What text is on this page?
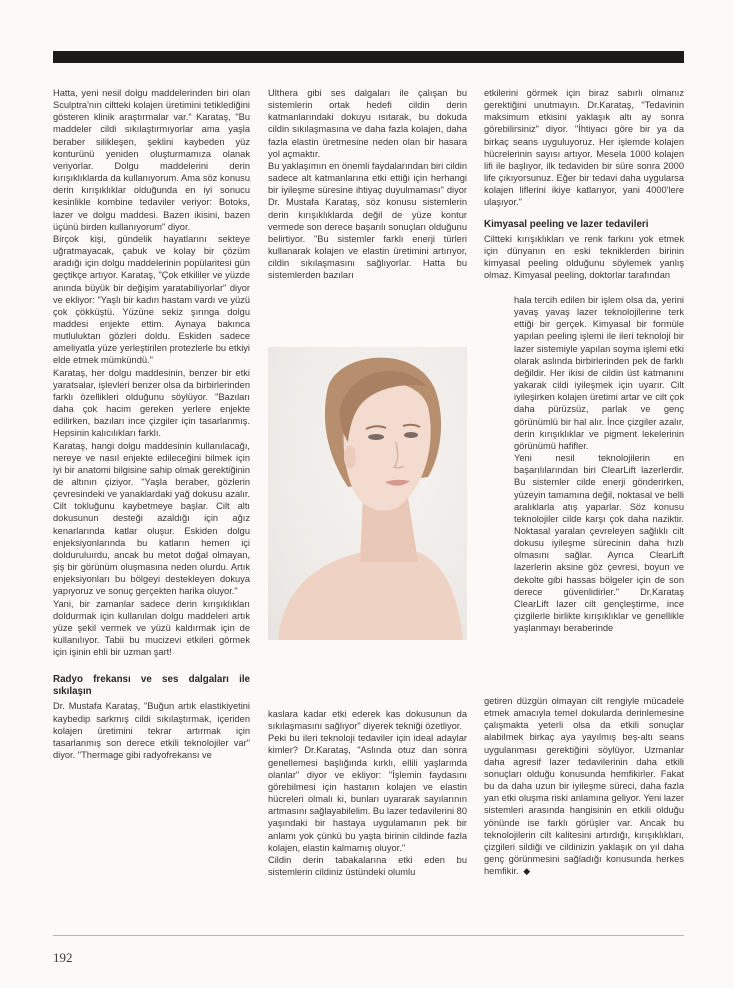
Hatta, yeni nesil dolgu maddelerinden biri olan Sculptra'nın ciltteki kolajen üretimini tetiklediğini gösteren klinik araştırmalar var.” Karataş, "Bu maddeler cildi sıkılaştırmıyorlar ama yaşla beraber silikleşen, şeklini kaybeden yüz konturünü yeniden oluşturmamıza olanak veriyorlar. Dolgu maddelerini derin kırışıklıklarda da kullanıyorum. Ama söz konusu derin kırışıklıklar olduğunda en iyi sonucu kesinlikle kombine tedaviler veriyor: Botoks, lazer ve dolgu maddesi. Bazen ikisini, bazen üçünü birden kullanıyorum" diyor.

Birçok kişi, gündelik hayatlarını sekteye uğratmayacak, çabuk ve kolay bir çözüm aradığı için dolgu maddelerinin popülaritesi gün geçtikçe artıyor. Karataş, "Çok etkililer ve yüzde anında büyük bir değişim yaratabiliyorlar" diyor ve ekliyor: "Yaşlı bir kadın hastam vardı ve yüzü çok çökküştü. Yüzüne sekiz şırınga dolgu maddesi enjekte ettim. Aynaya bakınca mutluluktan gözleri doldu. Eskiden sadece ameliyatla yüze yerleştirilen protezlerle bu etkiyi elde etmek mümkündü."

Karataş, her dolgu maddesinin, benzer bir etki yaratsalar, işlevleri benzer olsa da birbirlerinden farklı özellikleri olduğunu söylüyor. "Bazıları daha çok hacim gereken yerlere enjekte edilirken, bazıları ince çizgiler için tasarlanmış. Hepsinin kalıcılıkları farklı.

Karataş, hangi dolgu maddesinin kullanılacağı, nereye ve nasıl enjekte edileceğini bilmek için iyi bir anatomi bilgisine sahip olmak gerektiğinin de altının çiziyor. "Yaşla beraber, gözlerin çevresindeki ve yanaklardaki yağ dokusu azalır. Cilt tokluğunu kaybetmeye başlar. Cilt altı dokusunun desteği azaldığı için ağız kenarlarında katlar oluşur. Eskiden dolgu enjeksiyonlarında bu katların hemen içi dolduruluırdu, ancak bu metot doğal olmayan, şiş bir görünüm oluşmasına neden olurdu. Artık enjeksiyonları bu bölgeyi destekleyen dokuya yapıyoruz ve sonuç gerçekten harika oluyor."

Yani, bir zamanlar sadece derin kırışıklıkları doldurmak için kullanılan dolgu maddeleri artık yüze şekil vermek ve yüzü kaldırmak için de kullanılıyor. Tabii bu mucizevi etkileri görmek için işinin ehli bir uzman şart!

Radyo frekansı ve ses dalgaları ile sıkılaşın

Dr. Mustafa Karataş, "Buğun artık elastikiyetini kaybedip sarkmış cildi sıkılaştırmak, içeriden kolajen üretimini tekrar artırmak için tasarlanmış son derece etkili teknolojiler var" diyor. "Thermage gibi radyofrekansı ve

Ulthera gibi ses dalgaları ile çalışan bu sistemlerin ortak hedefi cildin derin katmanlarındaki dokuyu ısıtarak, bu dokuda cildin sıkılaşmasına ve daha fazla kolajen, daha fazla elastin üretmesine neden olan bir hasara yol açmaktır.

Bu yaklaşımın en önemli faydalarından biri cildin sadece alt katmanlarına etki ettiği için herhangi bir iyileşme süresine ihtiyaç duyulmaması" diyor Dr. Mustafa Karataş, söz konusu sistemlerin derin kırışıklıklarda değil de yüze kontur vermede son derece başarılı sonuçları olduğunu belirtiyor. "Bu sistemler farklı enerji türleri kullanarak kolajen ve elastin üretimini artırıyor, cildin sıkılaşmasını sağlıyorlar. Hatta bu sistemlerden bazıları

kaslara kadar etki ederek kas dokusunun da sıkılaşmasını sağlıyor" diyerek tekniği özetliyor.

Peki bu ileri teknoloji tedaviler için ideal adaylar kimler? Dr.Karataş, "Aslında otuz dan sonra genellemesi başlığında kırklı, ellili yaşlarında olanlar" diyor ve ekliyor: "İşlemin faydasını görebilmesi için hastanın kolajen ve elastin hücreleri olmalı ki, bunları uyararak sayılarının artmasını sağlayabilelim. Bu lazer tedavilerini 80 yaşındaki bir hastaya uygulamanın pek bir anlamı yok çünkü bu yaşta birinin cildinde fazla kolajen, elastin kalmamış oluyor."

Cildin derin tabakalarına etki eden bu sistemlerin cildiniz üstündeki olumlu

etkilerini görmek için biraz sabırlı olmanız gerektiğini unutmayın. Dr.Karataş, "Tedavinin maksimum etkisini yaklaşık altı ay sonra görebilirsiniz" diyor. "İhtiyacı göre bir ya da birkaç seans uyguluyoruz. Her işlemde kolajen hücrelerinin sayısı artıyor. Mesela 1000 kolajen lifi ile başlıyor, ilk tedaviden bir süre sonra 2000 life çıkıyorsunuz. Eğer bir tedavi daha uygularsa kolajen liflerini ikiye katlarıyor, yani 4000'lere ulaşıyor."

Kimyasal peeling ve lazer tedavileri

Ciltteki kırışıklıkları ve renk farkını yok etmek için dünyanın en eski tekniklerden birinin kimyasal peeling olduğunu söylemek yanlış olmaz. Kimyasal peeling, doktorlar tarafından

hala tercih edilen bir işlem olsa da, yerini yavaş yavaş lazer teknolojilerine terk ettiği bir gerçek. Kimyasal bir formüle yapılan peeling işlemi ile ileri teknoloji bir lazer sistemiyle yapılan soyma işlemi etki olarak aslında birbirlerinden pek de farklı değildir. Her ikisi de cildin üst katmanını yakarak cildi iyileşmek için uyarır. Cilt iyileşirken kolajen üretimi artar ve cilt çok daha pürüzsüz, parlak ve genç görünümlü bir hal alır. İnce çizgiler azalır, derin kırışıklıklar ve pigment lekelerinin görünümü hafifler.

Yeni nesil teknolojilerin en başarılılarından biri ClearLift lazerlerdir. Bu sistemler cilde enerji gönderirken, yüzeyin tamamına değil, noktasal ve belli aralıklarla atış yaparlar. Söz konusu teknolojiler cilde karşı çok daha naziktir. Noktasal yaralan çevreleyen sağlıklı cilt dokusu iyileşme sürecinin daha hızlı olmasını sağlar. Ayrıca ClearLift lazerlerin aksine göz çevresi, boyun ve dekolte gibi hassas bölgeler için de son derece güvenlidirler." Dr.Karataş ClearLift lazer cilt gençleştirme, ince çizgilerle birlikte kırışıklıklar ve genellikle yaşlanmayı beraberinde

getiren düzgün olmayan cilt rengiyle mücadele etmek amacıyla temel dokularda derinlemesine çalışmakta yeterli olsa da etkili sonuçlar alabilmek birkaç aya yayılmış beş-altı seans uygulanması gerektiğini söylüyor. Uzmanlar daha agresif lazer tedavilerinin daha etkili sonuçları olduğu konusunda hemfikirler. Fakat bu da daha uzun bir iyileşme süreci, daha fazla yan etki oluşma riski anlamına geliyor. Yeni lazer sistemleri arasında hangisinin en etkili olduğu yönünde ise farklı görüşler var. Ancak bu teknolojilerin cilt kalitesini artırdığı, kırışıklıkları, çizgileri sildiği ve cildinizin yaklaşık on yıl daha genç görünmesini sağladığı konusunda herkes hemfikir. ◆

192
